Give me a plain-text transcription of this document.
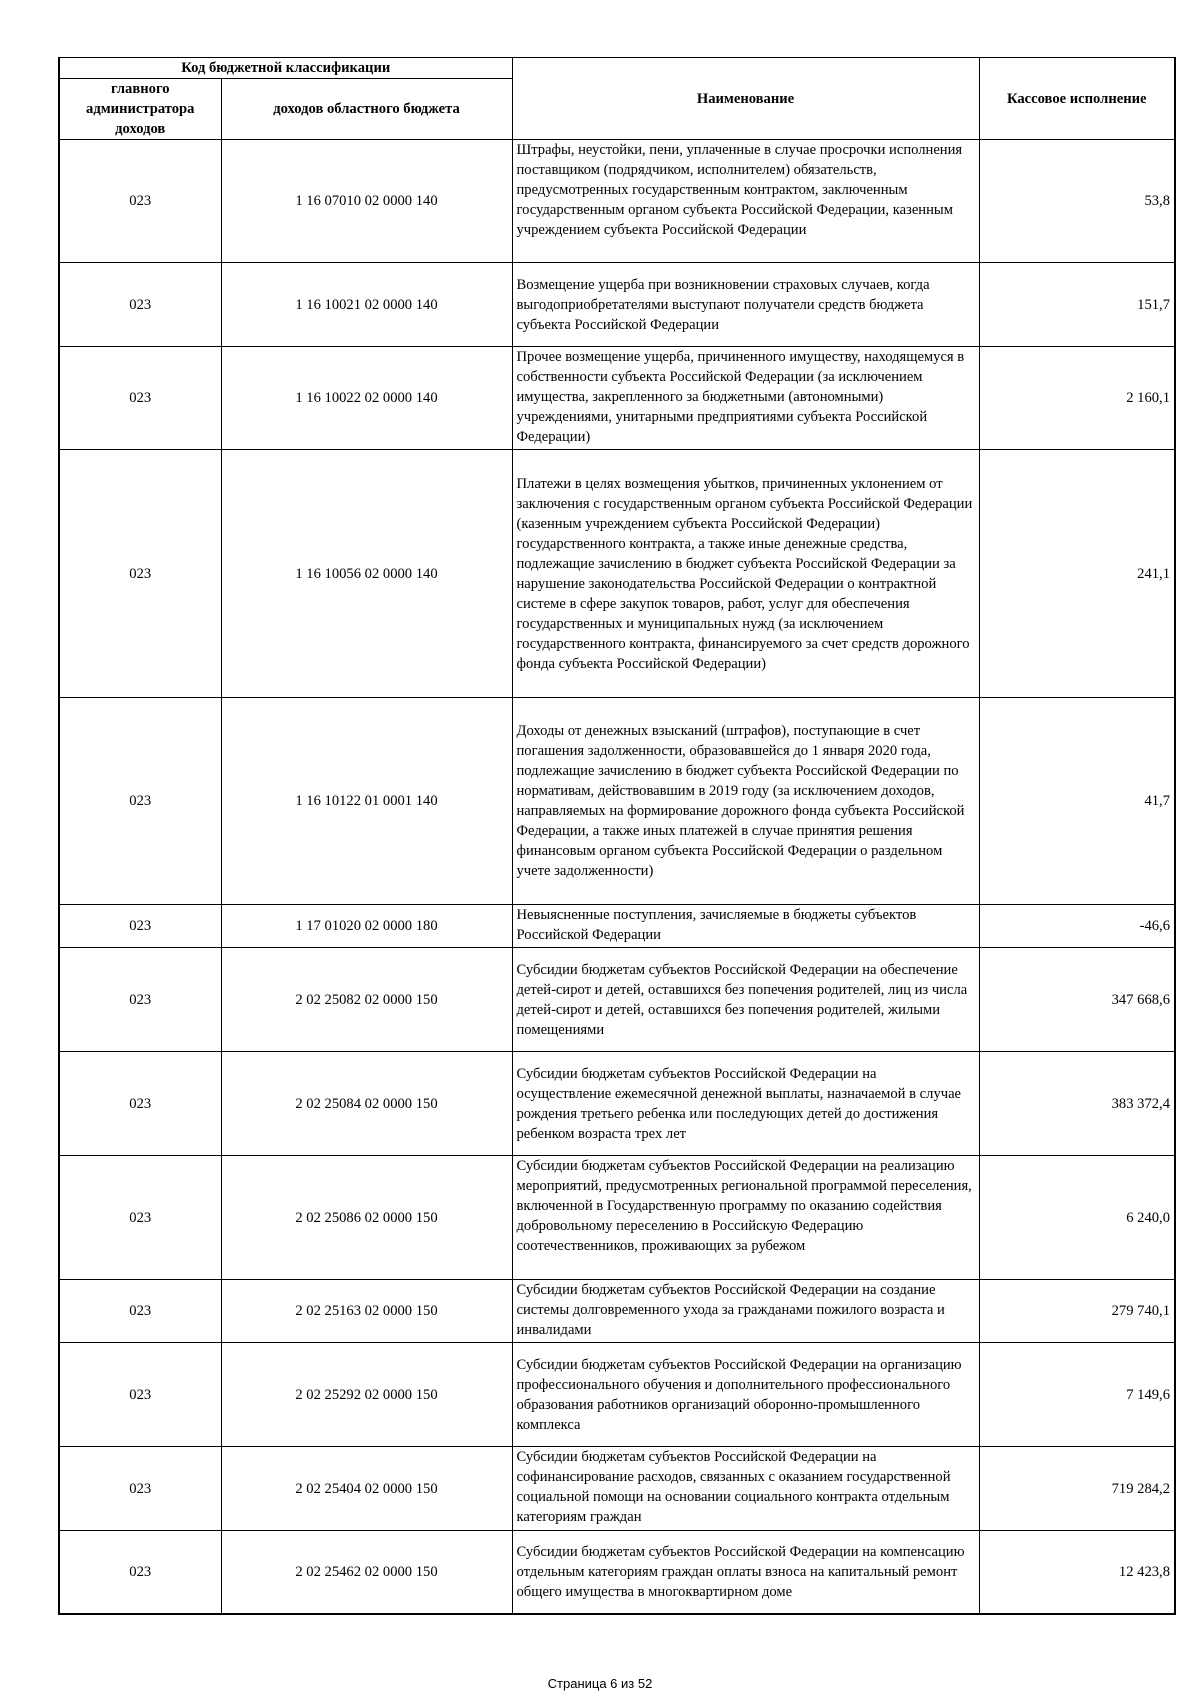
Код бюджетной классификации		Наименование	Кассовое исполнение
главного администратора доходов	доходов областного бюджета		
023	1 16 07010 02 0000 140	Штрафы, неустойки, пени, уплаченные в случае просрочки исполнения поставщиком (подрядчиком, исполнителем) обязательств, предусмотренных государственным контрактом, заключенным государственным органом субъекта Российской Федерации, казенным учреждением субъекта Российской Федерации	53,8
023	1 16 10021 02 0000 140	Возмещение ущерба при возникновении страховых случаев, когда выгодоприобретателями выступают получатели средств бюджета субъекта Российской Федерации	151,7
023	1 16 10022 02 0000 140	Прочее возмещение ущерба, причиненного имуществу, находящемуся в собственности субъекта Российской Федерации (за исключением имущества, закрепленного за бюджетными (автономными) учреждениями, унитарными предприятиями субъекта Российской Федерации)	2 160,1
023	1 16 10056 02 0000 140	Платежи в целях возмещения убытков, причиненных уклонением от заключения с государственным органом субъекта Российской Федерации (казенным учреждением субъекта Российской Федерации) государственного контракта, а также иные денежные средства, подлежащие зачислению в бюджет субъекта Российской Федерации за нарушение законодательства Российской Федерации о контрактной системе в сфере закупок товаров, работ, услуг для обеспечения государственных и муниципальных нужд (за исключением государственного контракта, финансируемого за счет средств дорожного фонда субъекта Российской Федерации)	241,1
023	1 16 10122 01 0001 140	Доходы от денежных взысканий (штрафов), поступающие в счет погашения задолженности, образовавшейся до 1 января 2020 года, подлежащие зачислению в бюджет субъекта Российской Федерации по нормативам, действовавшим в 2019 году (за исключением доходов, направляемых на формирование дорожного фонда субъекта Российской Федерации, а также иных платежей в случае принятия решения финансовым органом субъекта Российской Федерации о раздельном учете задолженности)	41,7
023	1 17 01020 02 0000 180	Невыясненные поступления, зачисляемые в бюджеты субъектов Российской Федерации	-46,6
023	2 02 25082 02 0000 150	Субсидии бюджетам субъектов Российской Федерации на обеспечение детей-сирот и детей, оставшихся без попечения родителей, лиц из числа детей-сирот и детей, оставшихся без попечения родителей, жилыми помещениями	347 668,6
023	2 02 25084 02 0000 150	Субсидии бюджетам субъектов Российской Федерации на осуществление ежемесячной денежной выплаты, назначаемой в случае рождения третьего ребенка или последующих детей до достижения ребенком возраста трех лет	383 372,4
023	2 02 25086 02 0000 150	Субсидии бюджетам субъектов Российской Федерации на реализацию мероприятий, предусмотренных региональной программой переселения, включенной в Государственную программу по оказанию содействия добровольному переселению в Российскую Федерацию соотечественников, проживающих за рубежом	6 240,0
023	2 02 25163 02 0000 150	Субсидии бюджетам субъектов Российской Федерации на создание системы долговременного ухода за гражданами пожилого возраста и инвалидами	279 740,1
023	2 02 25292 02 0000 150	Субсидии бюджетам субъектов Российской Федерации на организацию профессионального обучения и дополнительного профессионального образования работников организаций оборонно-промышленного комплекса	7 149,6
023	2 02 25404 02 0000 150	Субсидии бюджетам субъектов Российской Федерации на софинансирование расходов, связанных с оказанием государственной социальной помощи на основании социального контракта отдельным категориям граждан	719 284,2
023	2 02 25462 02 0000 150	Субсидии бюджетам субъектов Российской Федерации на компенсацию отдельным категориям граждан оплаты взноса на капитальный ремонт общего имущества в многоквартирном доме	12 423,8
Страница 6 из 52
